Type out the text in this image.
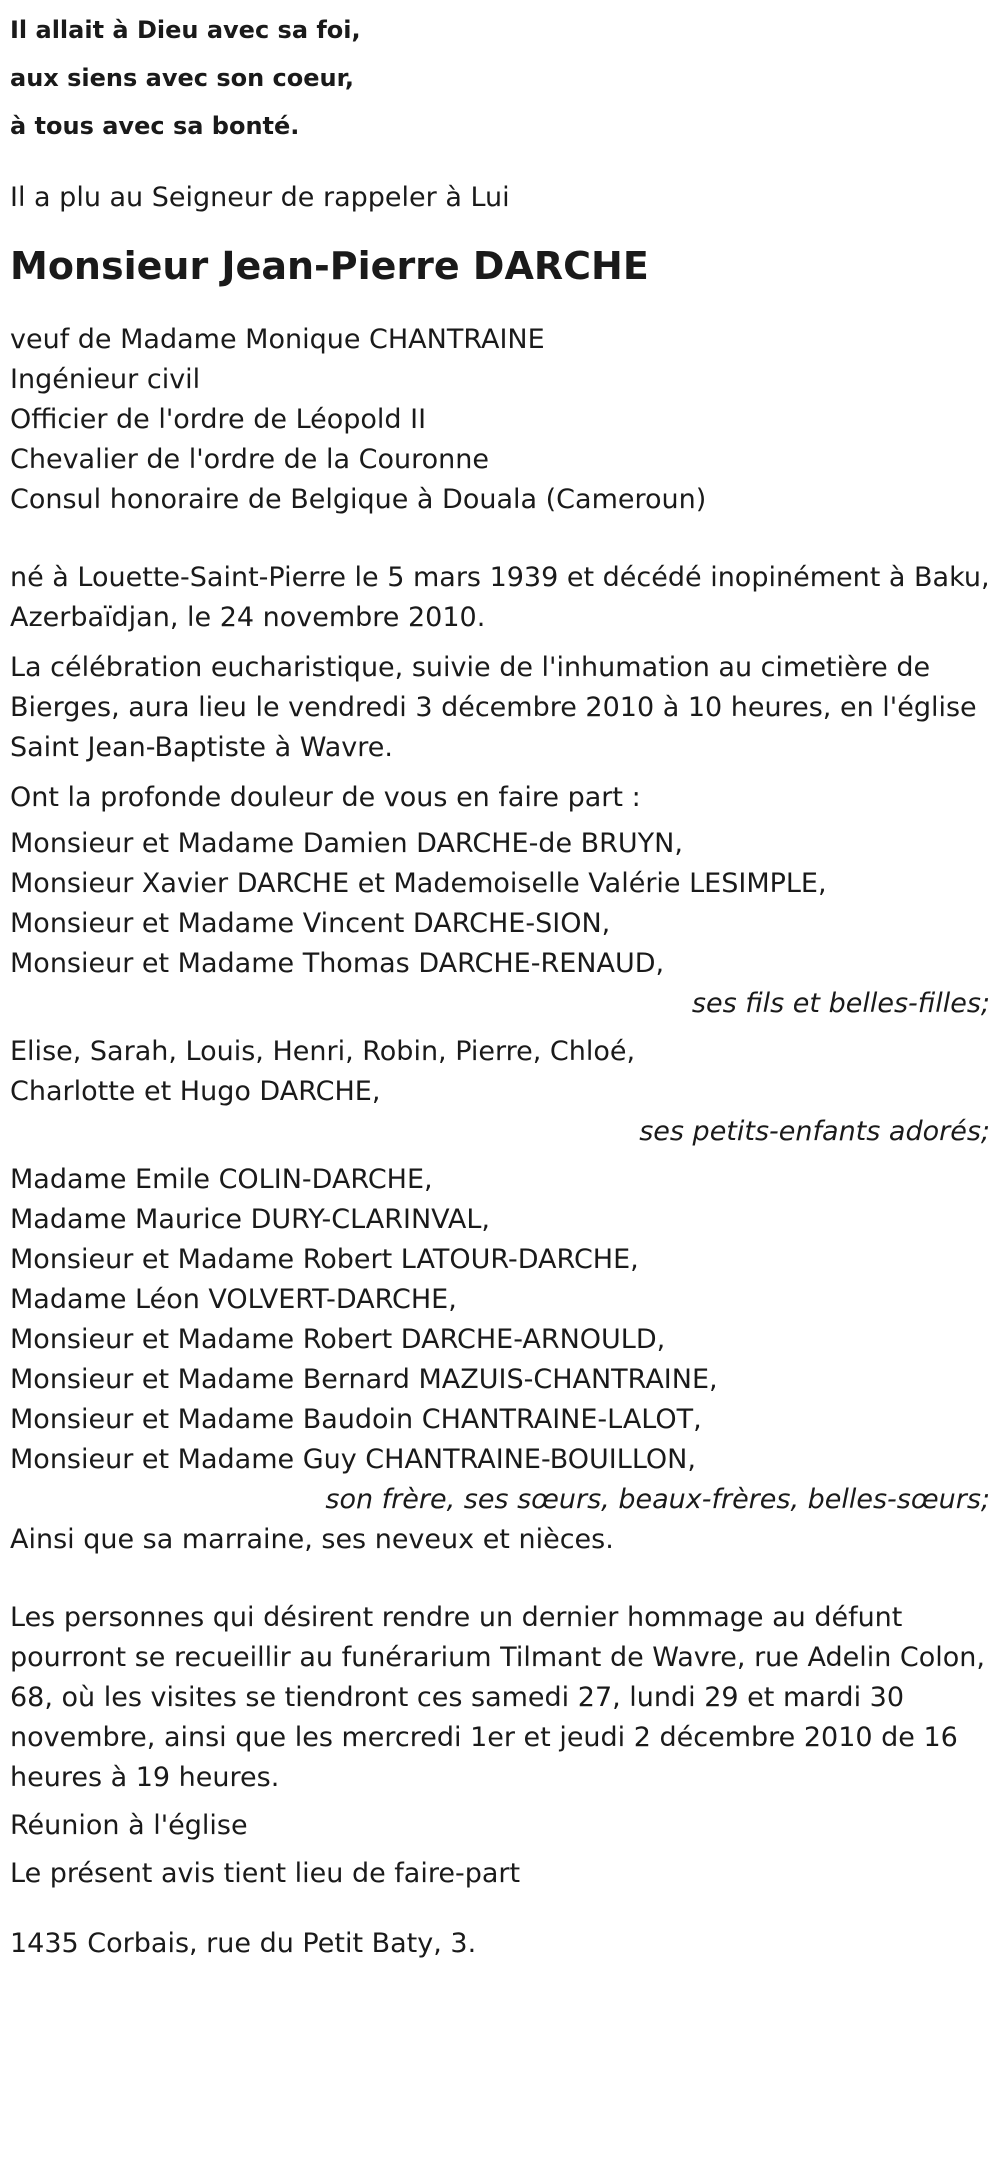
Il allait à Dieu avec sa foi,

aux siens avec son coeur,

à tous avec sa bonté.

Il a plu au Seigneur de rappeler à Lui

Monsieur Jean-Pierre DARCHE

veuf de Madame Monique CHANTRAINE

Ingénieur civil

Officier de l'ordre de Léopold II

Chevalier de l'ordre de la Couronne

Consul honoraire de Belgique à Douala (Cameroun)

né à Louette-Saint-Pierre le 5 mars 1939 et décédé inopinément à Baku, Azerbaïdjan, le 24 novembre 2010.

La célébration eucharistique, suivie de l'inhumation au cimetière de Bierges, aura lieu le vendredi 3 décembre 2010 à 10 heures, en l'église Saint Jean-Baptiste à Wavre.

Ont la profonde douleur de vous en faire part :

Monsieur et Madame Damien DARCHE-de BRUYN,

Monsieur Xavier DARCHE et Mademoiselle Valérie LESIMPLE,

Monsieur et Madame Vincent DARCHE-SION,

Monsieur et Madame Thomas DARCHE-RENAUD,

ses fils et belles-filles;

Elise, Sarah, Louis, Henri, Robin, Pierre, Chloé,

Charlotte et Hugo DARCHE,

ses petits-enfants adorés;

Madame Emile COLIN-DARCHE,

Madame Maurice DURY-CLARINVAL,

Monsieur et Madame Robert LATOUR-DARCHE,

Madame Léon VOLVERT-DARCHE,

Monsieur et Madame Robert DARCHE-ARNOULD,

Monsieur et Madame Bernard MAZUIS-CHANTRAINE,

Monsieur et Madame Baudoin CHANTRAINE-LALOT,

Monsieur et Madame Guy CHANTRAINE-BOUILLON,

son frère, ses sœurs, beaux-frères, belles-sœurs;

Ainsi que sa marraine, ses neveux et nièces.

Les personnes qui désirent rendre un dernier hommage au défunt pourront se recueillir au funérarium Tilmant de Wavre, rue Adelin Colon, 68, où les visites se tiendront ces samedi 27, lundi 29 et mardi 30 novembre, ainsi que les mercredi 1er et jeudi 2 décembre 2010 de 16 heures à 19 heures.

Réunion à l'église

Le présent avis tient lieu de faire-part

1435 Corbais, rue du Petit Baty, 3.
